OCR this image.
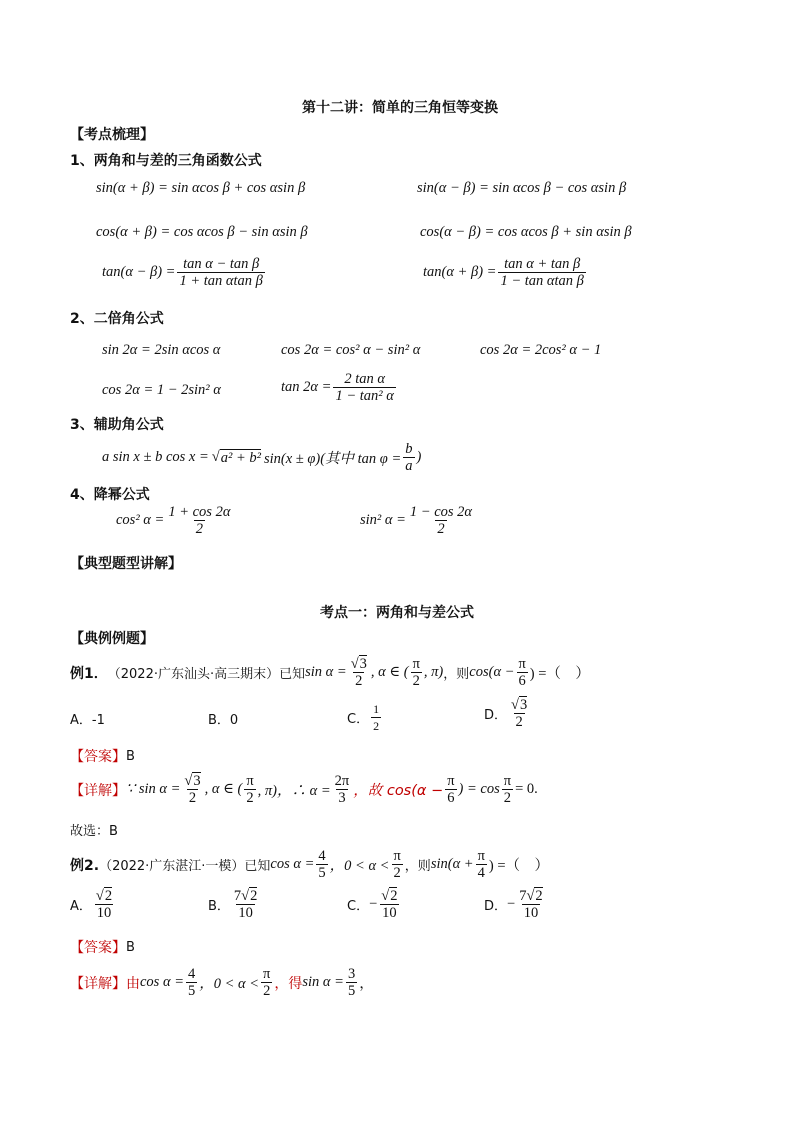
第十二讲：简单的三角恒等变换
【考点梳理】
1、两角和与差的三角函数公式
sin(α + β) = sin αcos β + cos αsin β	sin(α − β) = sin αcos β − cos αsin β
cos(α + β) = cos αcos β − sin αsin β	cos(α − β) = cos αcos β + sin αsin β
$\tan(\alpha - \beta) = \frac{\text{tan α − tan β}}{\text{1 + tan αtan β}}$	$\tan(\alpha + \beta) = \frac{\text{tan α + tan β}}{\text{1 − tan αtan β}}$
2、二倍角公式
sin 2α = 2sin αcos α	cos 2α = cos² α − sin² α	cos 2α = 2cos² α − 1
cos 2α = 1 − 2sin² α	$\tan 2\alpha = \frac{\text{2 tan α}}{\text{1 − tan² α}}$
3、辅助角公式
a sin x ± b cos x = √ a² + b² sin(x ± φ)(其中 $\tan \varphi = \frac{b}{a}$ )
4、降幂公式
cos² $\alpha = \frac{1 + \cos 2\alpha}{2}$	sin² $\alpha = \frac{1 - \cos 2\alpha}{2}$
【典型题型讲解】
考点一：两角和与差公式
【典例例题】
例1． （2022·广东汕头·高三期末）已知 $\sin \alpha = \frac{√3}{2}$ , α ∈ ( $\frac{\pi}{2}$ , π) ，则 $\cos(\alpha - \frac{\pi}{6}$ ) =（　）
A．-1	B．0	C． $\frac{1}{2}$	D． $\frac{√3}{2}$
【答案】 B
【详解】 ∵ $\sin \alpha = \frac{√3}{2}$ , α ∈ ( $\frac{\pi}{2}$ , π)，∴ $\alpha = \frac{2\pi}{3}$ ，故 $\cos(\alpha - \frac{\pi}{6}$ ) = $\cos \frac{\pi}{2} = 0$.
故选：B
例2. （2022·广东湛江·一模）已知 $\cos \alpha = \frac{4}{5}$ ，$0 < \alpha < \frac{\pi}{2}$ ，则 $\sin(\alpha + \frac{\pi}{4}$ ) =（　）
A． $\frac{√2}{10}$	B． $\frac{7√2}{10}$	C． − $\frac{√2}{10}$	D． − $\frac{7√2}{10}$
【答案】 B
【详解】 由 $\cos \alpha = \frac{4}{5}$ ，$0 < \alpha < \frac{\pi}{2}$ ，得 $\sin \alpha = \frac{3}{5}$ ，
